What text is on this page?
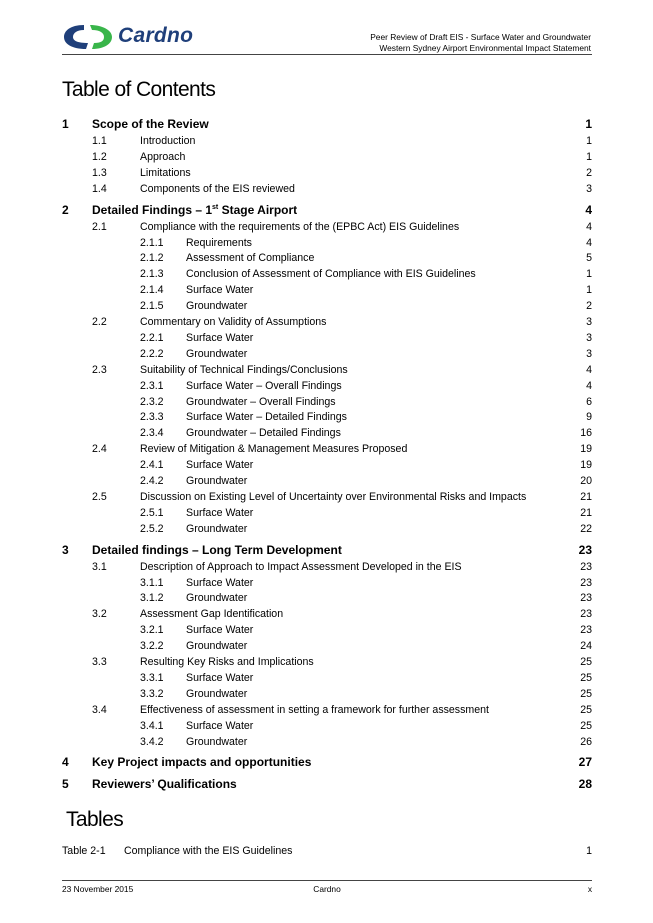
Cardno	Peer Review of Draft EIS - Surface Water and Groundwater
Western Sydney Airport Environmental Impact Statement
Table of Contents
1 Scope of the Review	1
1.1	Introduction	1
1.2	Approach	1
1.3	Limitations	2
1.4	Components of the EIS reviewed	3
2 Detailed Findings – 1st Stage Airport	4
2.1	Compliance with the requirements of the (EPBC Act) EIS Guidelines	4
2.1.1 Requirements	4
2.1.2 Assessment of Compliance	5
2.1.3 Conclusion of Assessment of Compliance with EIS Guidelines	1
2.1.4 Surface Water	1
2.1.5 Groundwater	2
2.2	Commentary on Validity of Assumptions	3
2.2.1 Surface Water	3
2.2.2 Groundwater	3
2.3	Suitability of Technical Findings/Conclusions	4
2.3.1 Surface Water – Overall Findings	4
2.3.2 Groundwater – Overall Findings	6
2.3.3 Surface Water – Detailed Findings	9
2.3.4 Groundwater – Detailed Findings	16
2.4	Review of Mitigation & Management Measures Proposed	19
2.4.1 Surface Water	19
2.4.2 Groundwater	20
2.5	Discussion on Existing Level of Uncertainty over Environmental Risks and Impacts	21
2.5.1 Surface Water	21
2.5.2 Groundwater	22
3 Detailed findings – Long Term Development	23
3.1	Description of Approach to Impact Assessment Developed in the EIS	23
3.1.1 Surface Water	23
3.1.2 Groundwater	23
3.2	Assessment Gap Identification	23
3.2.1 Surface Water	23
3.2.2 Groundwater	24
3.3	Resulting Key Risks and Implications	25
3.3.1 Surface Water	25
3.3.2 Groundwater	25
3.4	Effectiveness of assessment in setting a framework for further assessment	25
3.4.1 Surface Water	25
3.4.2 Groundwater	26
4 Key Project impacts and opportunities	27
5 Reviewers’ Qualifications	28
Tables
Table 2-1 Compliance with the EIS Guidelines	1
23 November 2015	Cardno	x
